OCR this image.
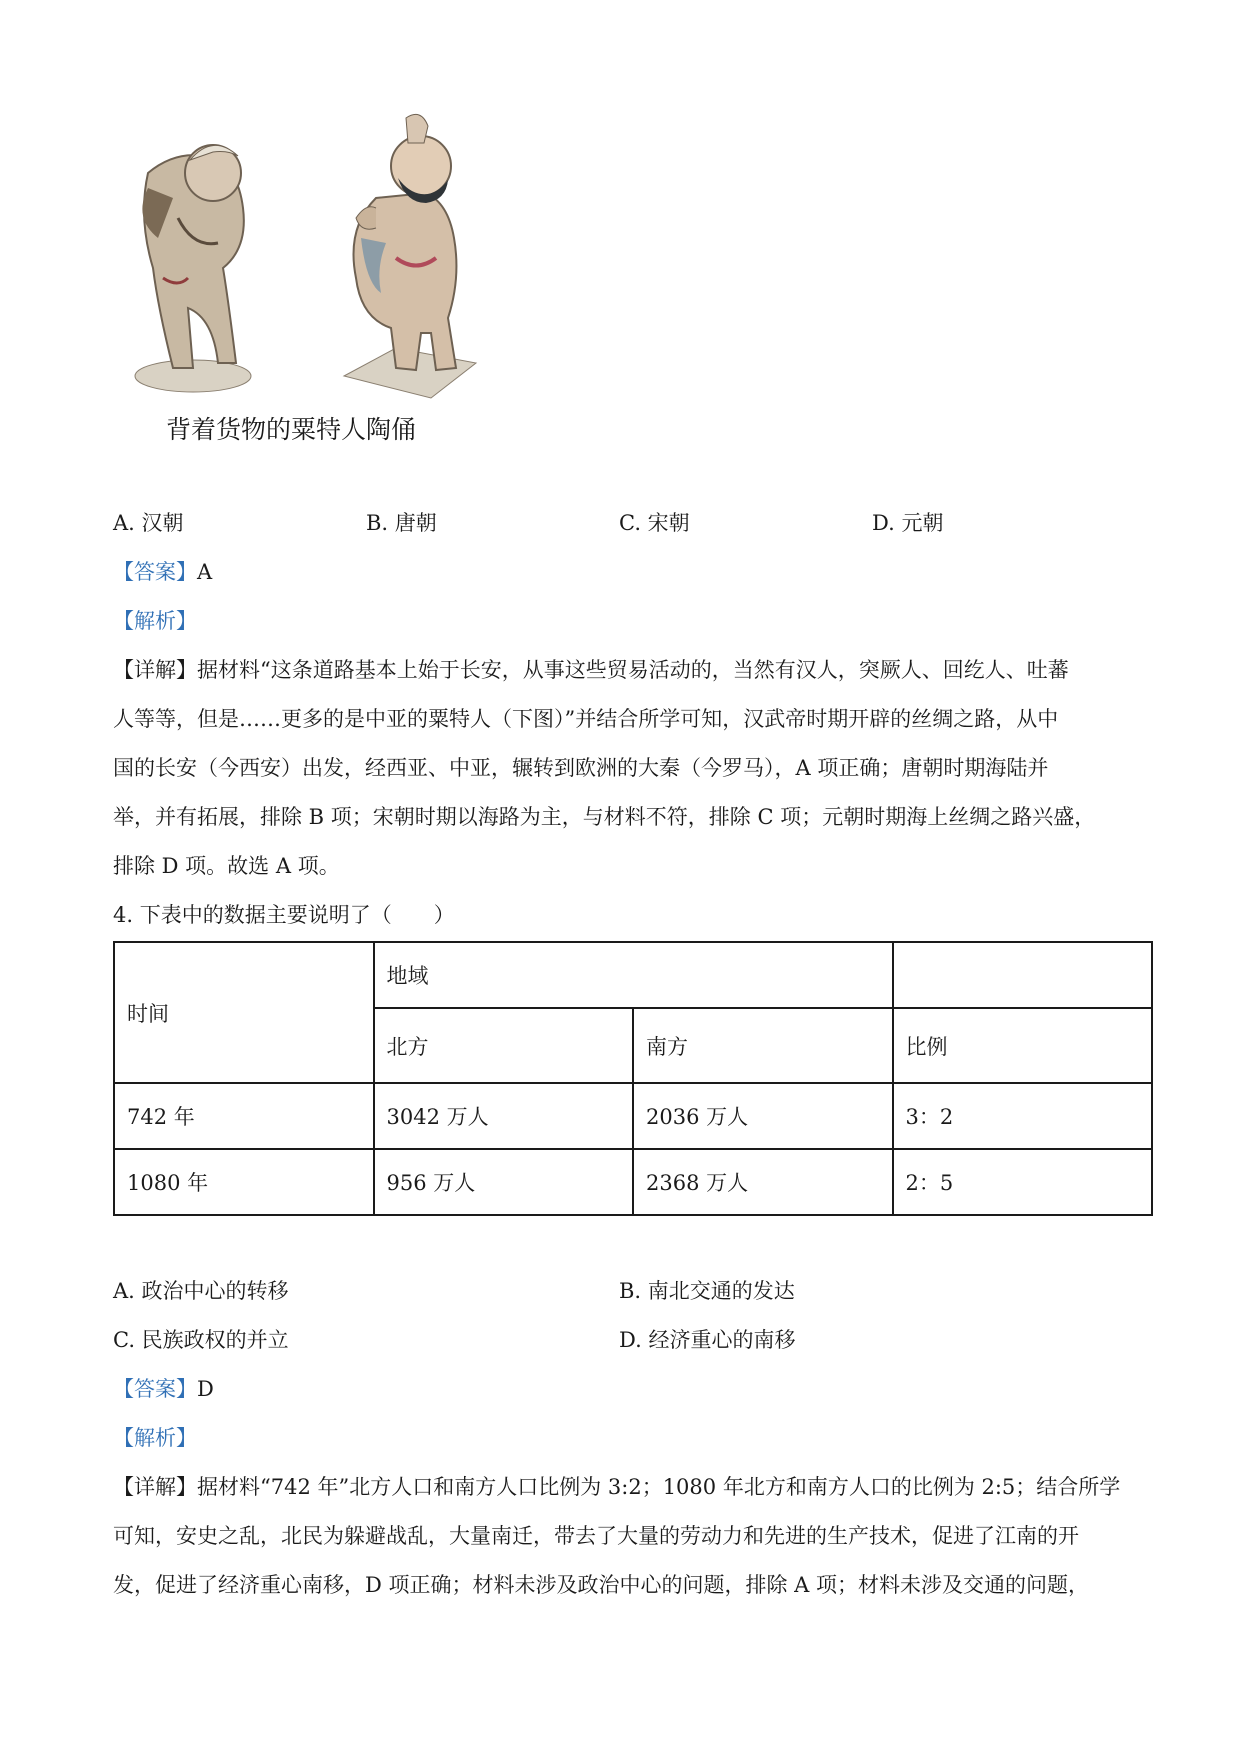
背着货物的粟特人陶俑
A. 汉朝	B. 唐朝	C. 宋朝	D. 元朝
【答案】A
【解析】
【详解】据材料“这条道路基本上始于长安，从事这些贸易活动的，当然有汉人，突厥人、回纥人、吐蕃
人等等，但是……更多的是中亚的粟特人（下图）”并结合所学可知，汉武帝时期开辟的丝绸之路，从中
国的长安（今西安）出发，经西亚、中亚，辗转到欧洲的大秦（今罗马），A 项正确；唐朝时期海陆并
举，并有拓展，排除 B 项；宋朝时期以海路为主，与材料不符，排除 C 项；元朝时期海上丝绸之路兴盛，
排除 D 项。故选 A 项。
4. 下表中的数据主要说明了（　　）
时间	地域		
	北方	南方	比例
742 年	3042 万人	2036 万人	3：2
1080 年	956 万人	2368 万人	2：5
A. 政治中心的转移	B. 南北交通的发达
C. 民族政权的并立	D. 经济重心的南移
【答案】D
【解析】
【详解】据材料“742 年”北方人口和南方人口比例为 3:2；1080 年北方和南方人口的比例为 2:5；结合所学
可知，安史之乱，北民为躲避战乱，大量南迁，带去了大量的劳动力和先进的生产技术，促进了江南的开
发，促进了经济重心南移，D 项正确；材料未涉及政治中心的问题，排除 A 项；材料未涉及交通的问题，
